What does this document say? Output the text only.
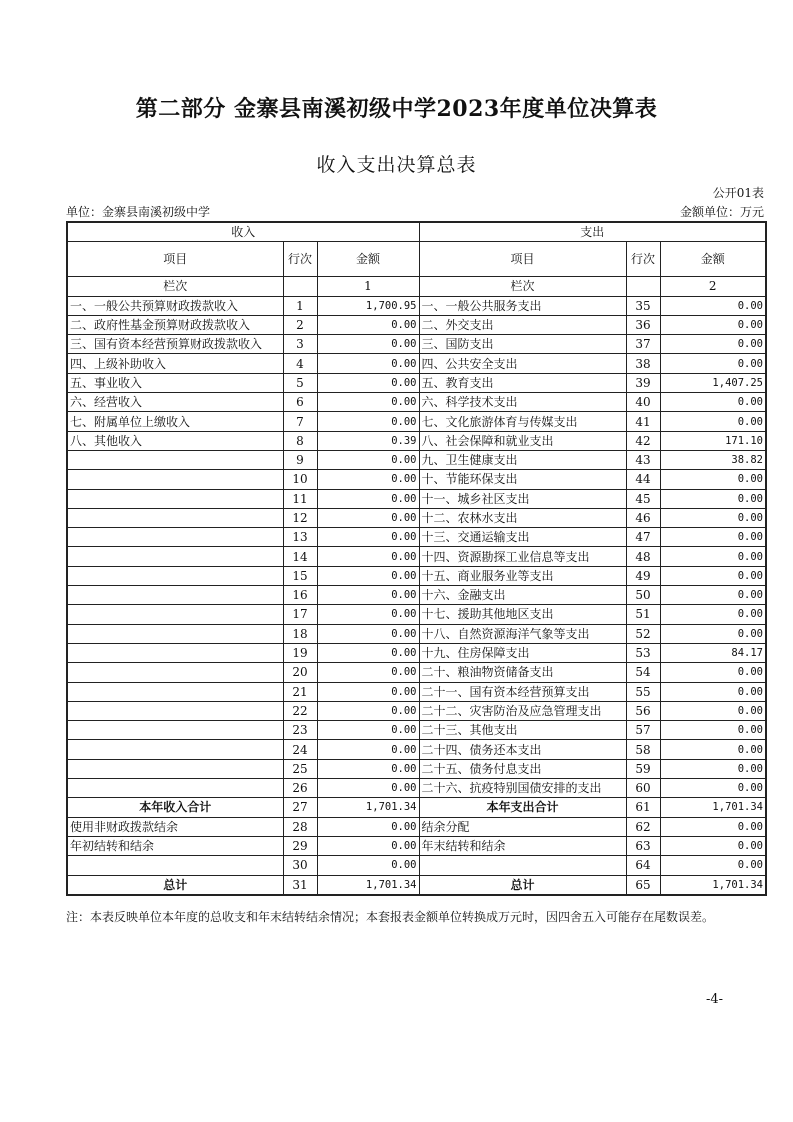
第二部分 金寨县南溪初级中学2023年度单位决算表
收入支出决算总表
公开01表
单位：金寨县南溪初级中学	金额单位：万元
收入			支出		
项目	行次	金额	项目	行次	金额
栏次		1	栏次		2
一、一般公共预算财政拨款收入	1	1,700.95	一、一般公共服务支出	35	0.00
二、政府性基金预算财政拨款收入	2	0.00	二、外交支出	36	0.00
三、国有资本经营预算财政拨款收入	3	0.00	三、国防支出	37	0.00
四、上级补助收入	4	0.00	四、公共安全支出	38	0.00
五、事业收入	5	0.00	五、教育支出	39	1,407.25
六、经营收入	6	0.00	六、科学技术支出	40	0.00
七、附属单位上缴收入	7	0.00	七、文化旅游体育与传媒支出	41	0.00
八、其他收入	8	0.39	八、社会保障和就业支出	42	171.10
	9	0.00	九、卫生健康支出	43	38.82
	10	0.00	十、节能环保支出	44	0.00
	11	0.00	十一、城乡社区支出	45	0.00
	12	0.00	十二、农林水支出	46	0.00
	13	0.00	十三、交通运输支出	47	0.00
	14	0.00	十四、资源勘探工业信息等支出	48	0.00
	15	0.00	十五、商业服务业等支出	49	0.00
	16	0.00	十六、金融支出	50	0.00
	17	0.00	十七、援助其他地区支出	51	0.00
	18	0.00	十八、自然资源海洋气象等支出	52	0.00
	19	0.00	十九、住房保障支出	53	84.17
	20	0.00	二十、粮油物资储备支出	54	0.00
	21	0.00	二十一、国有资本经营预算支出	55	0.00
	22	0.00	二十二、灾害防治及应急管理支出	56	0.00
	23	0.00	二十三、其他支出	57	0.00
	24	0.00	二十四、债务还本支出	58	0.00
	25	0.00	二十五、债务付息支出	59	0.00
	26	0.00	二十六、抗疫特别国债安排的支出	60	0.00
本年收入合计	27	1,701.34	本年支出合计	61	1,701.34
使用非财政拨款结余	28	0.00	结余分配	62	0.00
年初结转和结余	29	0.00	年末结转和结余	63	0.00
	30	0.00		64	0.00
总计	31	1,701.34	总计	65	1,701.34
注：本表反映单位本年度的总收支和年末结转结余情况；本套报表金额单位转换成万元时，因四舍五入可能存在尾数误差。
-4-
